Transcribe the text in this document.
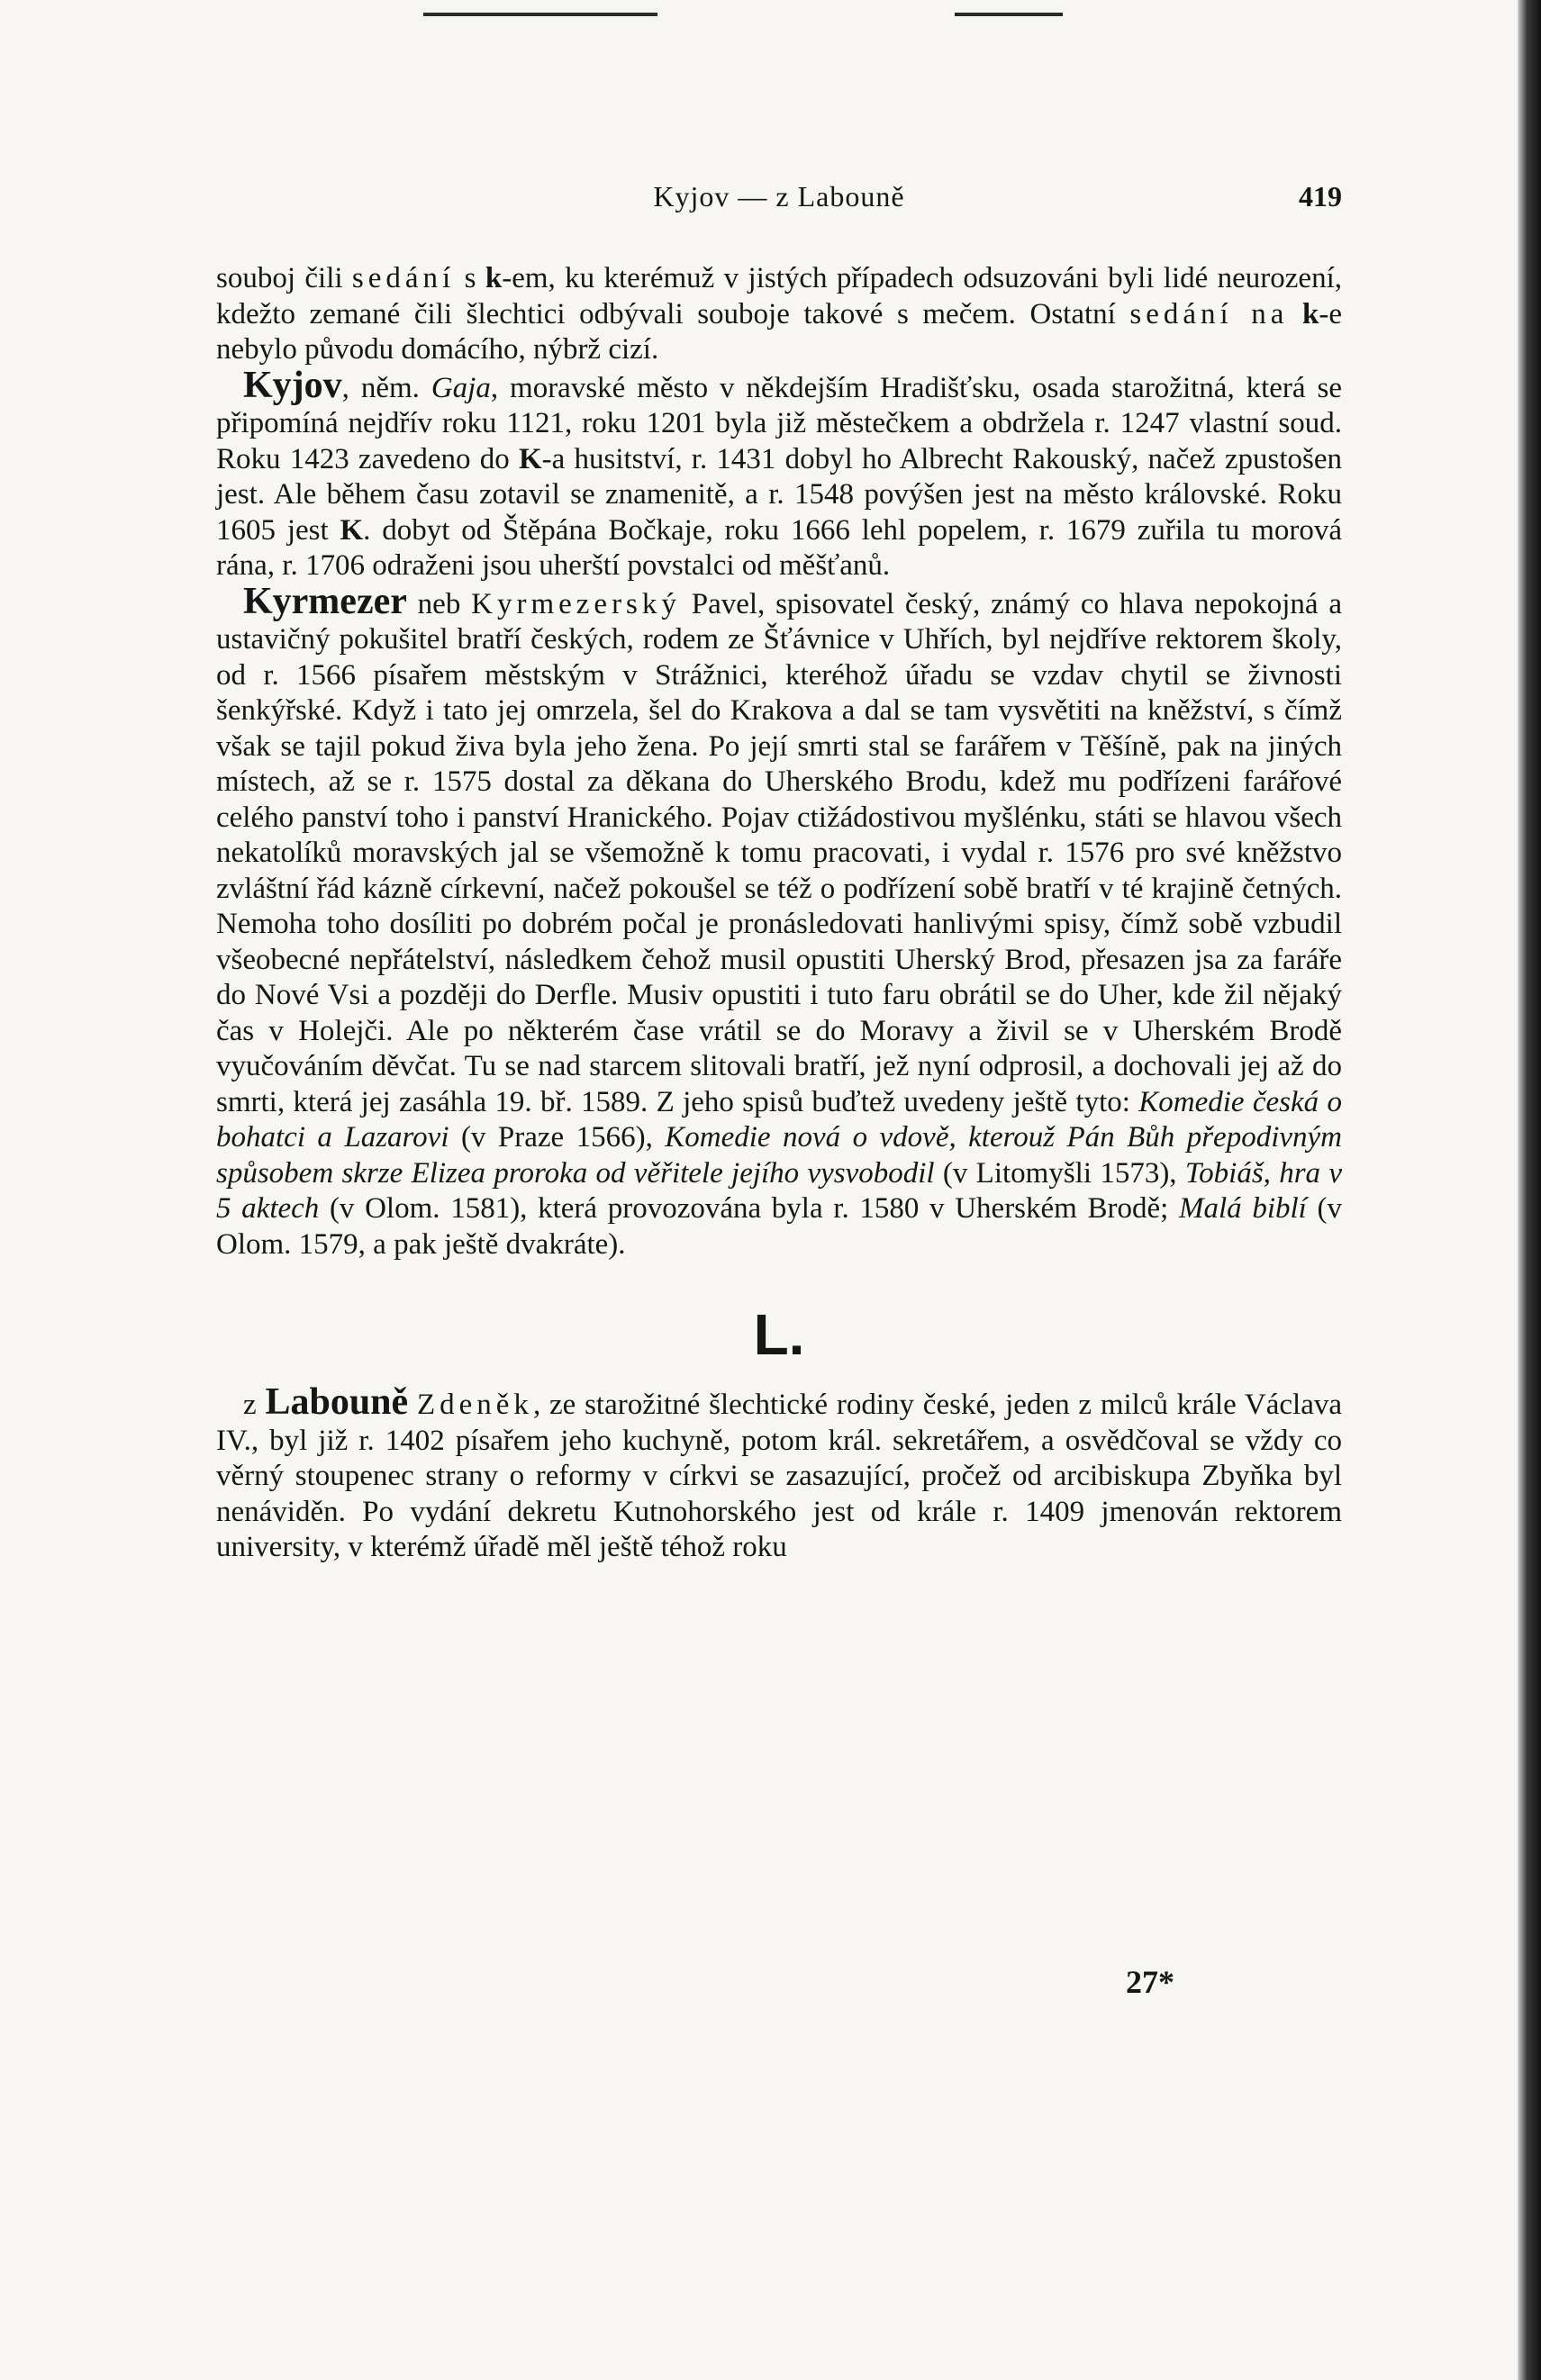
Kyjov — z Labouně	419

souboj čili sedání s k-em, ku kterémuž v jistých případech odsuzováni byli lidé neurození, kdežto zemané čili šlechtici odbývali souboje takové s mečem. Ostatní sedání na k-e nebylo původu domácího, nýbrž cizí.

Kyjov, něm. Gaja, moravské město v někdejším Hradišťsku, osada starožitná, která se připomíná nejdřív roku 1121, roku 1201 byla již městečkem a obdržela r. 1247 vlastní soud. Roku 1423 zavedeno do K-a husitství, r. 1431 dobyl ho Albrecht Rakouský, načež zpustošen jest. Ale během času zotavil se znamenitě, a r. 1548 povýšen jest na město královské. Roku 1605 jest K. dobyt od Štěpána Bočkaje, roku 1666 lehl popelem, r. 1679 zuřila tu morová rána, r. 1706 odraženi jsou uherští povstalci od měšťanů.

Kyrmezer neb Kyrmezerský Pavel, spisovatel český, známý co hlava nepokojná a ustavičný pokušitel bratří českých, rodem ze Šťávnice v Uhřích, byl nejdříve rektorem školy, od r. 1566 písařem městským v Strážnici, kteréhož úřadu se vzdav chytil se živnosti šenkýřské. Když i tato jej omrzela, šel do Krakova a dal se tam vysvětiti na kněžství, s čímž však se tajil pokud živa byla jeho žena. Po její smrti stal se farářem v Těšíně, pak na jiných místech, až se r. 1575 dostal za děkana do Uherského Brodu, kdež mu podřízeni farářové celého panství toho i panství Hranického. Pojav ctižádostivou myšlénku, státi se hlavou všech nekatolíků moravských jal se všemožně k tomu pracovati, i vydal r. 1576 pro své kněžstvo zvláštní řád kázně církevní, načež pokoušel se též o podřízení sobě bratří v té krajině četných. Nemoha toho dosíliti po dobrém počal je pronásledovati hanlivými spisy, čímž sobě vzbudil všeobecné nepřátelství, následkem čehož musil opustiti Uherský Brod, přesazen jsa za faráře do Nové Vsi a později do Derfle. Musiv opustiti i tuto faru obrátil se do Uher, kde žil nějaký čas v Holejči. Ale po některém čase vrátil se do Moravy a živil se v Uherském Brodě vyučováním děvčat. Tu se nad starcem slitovali bratří, jež nyní odprosil, a dochovali jej až do smrti, která jej zasáhla 19. bř. 1589. Z jeho spisů buďtež uvedeny ještě tyto: Komedie česká o bohatci a Lazarovi (v Praze 1566), Komedie nová o vdově, kterouž Pán Bůh přepodivným spůsobem skrze Elizea proroka od věřitele jejího vysvobodil (v Litomyšli 1573), Tobiáš, hra v 5 aktech (v Olom. 1581), která provozována byla r. 1580 v Uherském Brodě; Malá biblí (v Olom. 1579, a pak ještě dvakráte).

L.

z Labouně Zdeněk, ze starožitné šlechtické rodiny české, jeden z milců krále Václava IV., byl již r. 1402 písařem jeho kuchyně, potom král. sekretářem, a osvědčoval se vždy co věrný stoupenec strany o reformy v církvi se zasazující, pročež od arcibiskupa Zbyňka byl nenáviděn. Po vydání dekretu Kutnohorského jest od krále r. 1409 jmenován rektorem university, v kterémž úřadě měl ještě téhož roku

27*
